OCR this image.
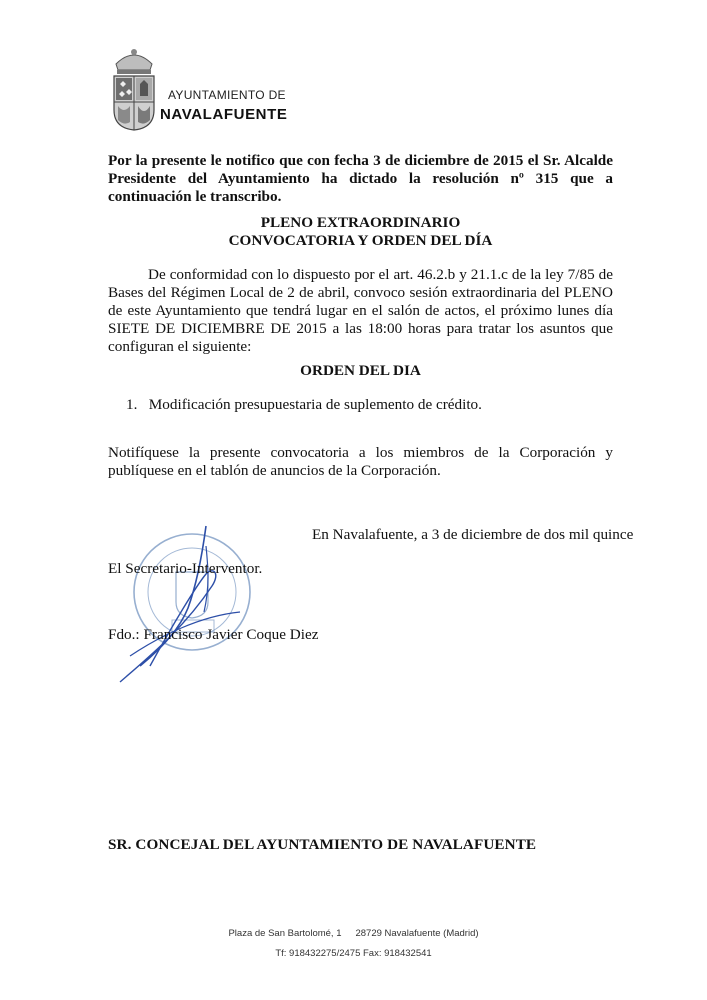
AYUNTAMIENTO DE
NAVALAFUENTE
Por la presente le notifico que con fecha 3 de diciembre de 2015 el Sr. Alcalde Presidente del Ayuntamiento ha dictado la resolución nº 315 que a continuación le transcribo.
PLENO EXTRAORDINARIO
CONVOCATORIA Y ORDEN DEL DÍA
De conformidad con lo dispuesto por el art. 46.2.b y 21.1.c de la ley 7/85 de Bases del Régimen Local de 2 de abril, convoco sesión extraordinaria del PLENO de este Ayuntamiento que tendrá lugar en el salón de actos, el próximo lunes día SIETE DE DICIEMBRE DE 2015 a las 18:00 horas para tratar los asuntos que configuran el siguiente:
ORDEN DEL DIA
1.   Modificación presupuestaria de suplemento de crédito.
Notifíquese la presente convocatoria a los miembros de la Corporación y publíquese en el tablón de anuncios de la Corporación.
En Navalafuente, a 3 de diciembre de dos mil quince
El Secretario-Interventor.
Fdo.: Francisco Javier Coque Diez
SR. CONCEJAL DEL AYUNTAMIENTO DE NAVALAFUENTE
Plaza de San Bartolomé, 1 28729 Navalafuente (Madrid)
Tf: 918432275/2475 Fax: 918432541
